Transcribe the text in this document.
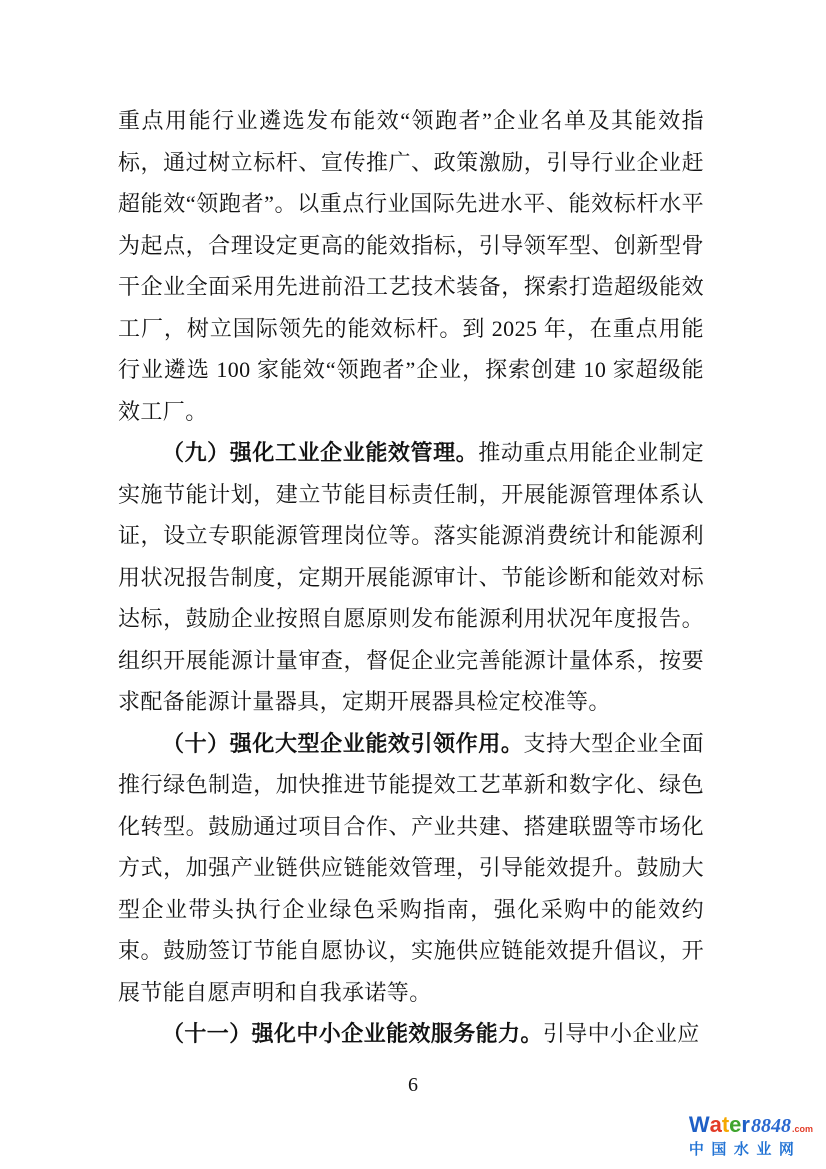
重点用能行业遴选发布能效“领跑者”企业名单及其能效指标，通过树立标杆、宣传推广、政策激励，引导行业企业赶超能效“领跑者”。以重点行业国际先进水平、能效标杆水平为起点，合理设定更高的能效指标，引导领军型、创新型骨干企业全面采用先进前沿工艺技术装备，探索打造超级能效工厂，树立国际领先的能效标杆。到 2025 年，在重点用能行业遴选 100 家能效“领跑者”企业，探索创建 10 家超级能效工厂。

（九）强化工业企业能效管理。推动重点用能企业制定实施节能计划，建立节能目标责任制，开展能源管理体系认证，设立专职能源管理岗位等。落实能源消费统计和能源利用状况报告制度，定期开展能源审计、节能诊断和能效对标达标，鼓励企业按照自愿原则发布能源利用状况年度报告。组织开展能源计量审查，督促企业完善能源计量体系，按要求配备能源计量器具，定期开展器具检定校准等。

（十）强化大型企业能效引领作用。支持大型企业全面推行绿色制造，加快推进节能提效工艺革新和数字化、绿色化转型。鼓励通过项目合作、产业共建、搭建联盟等市场化方式，加强产业链供应链能效管理，引导能效提升。鼓励大型企业带头执行企业绿色采购指南，强化采购中的能效约束。鼓励签订节能自愿协议，实施供应链能效提升倡议，开展节能自愿声明和自我承诺等。

（十一）强化中小企业能效服务能力。引导中小企业应

6
W a t e r 8848 .com
中国水业网
